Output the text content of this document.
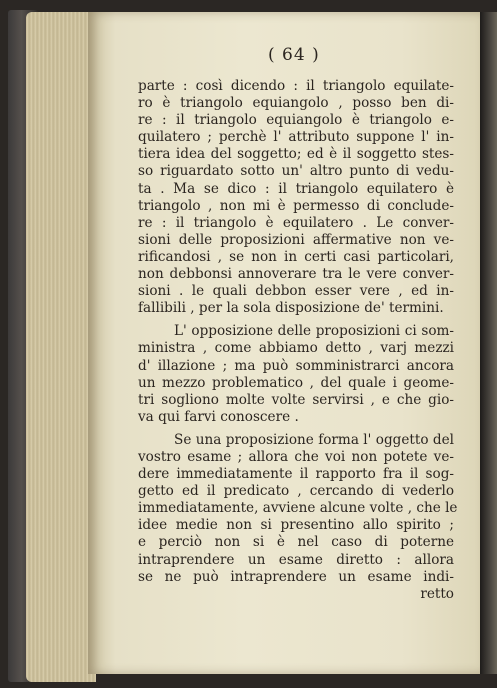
( 64 )
parte : così dicendo : il triangolo equilate-
ro è triangolo equiangolo , posso ben di-
re : il triangolo equiangolo è triangolo e-
quilatero ; perchè l' attributo suppone l' in-
tiera idea del soggetto; ed è il soggetto stes-
so riguardato sotto un' altro punto di vedu-
ta . Ma se dico : il triangolo equilatero è
triangolo , non mi è permesso di conclude-
re : il triangolo è equilatero . Le conver-
sioni delle proposizioni affermative non ve-
rificandosi , se non in certi casi particolari,
non debbonsi annoverare tra le vere conver-
sioni . le quali debbon esser vere , ed in-
fallibili , per la sola disposizione de' termini.
L' opposizione delle proposizioni ci som-
ministra , come abbiamo detto , varj mezzi
d' illazione ; ma può somministrarci ancora
un mezzo problematico , del quale i geome-
tri sogliono molte volte servirsi , e che gio-
va qui farvi conoscere .
Se una proposizione forma l' oggetto del
vostro esame ; allora che voi non potete ve-
dere immediatamente il rapporto fra il sog-
getto ed il predicato , cercando di vederlo
immediatamente, avviene alcune volte , che le
idee medie non si presentino allo spirito ;
e perciò non si è nel caso di poterne
intraprendere un esame diretto : allora
se ne può intraprendere un esame indi-
retto
